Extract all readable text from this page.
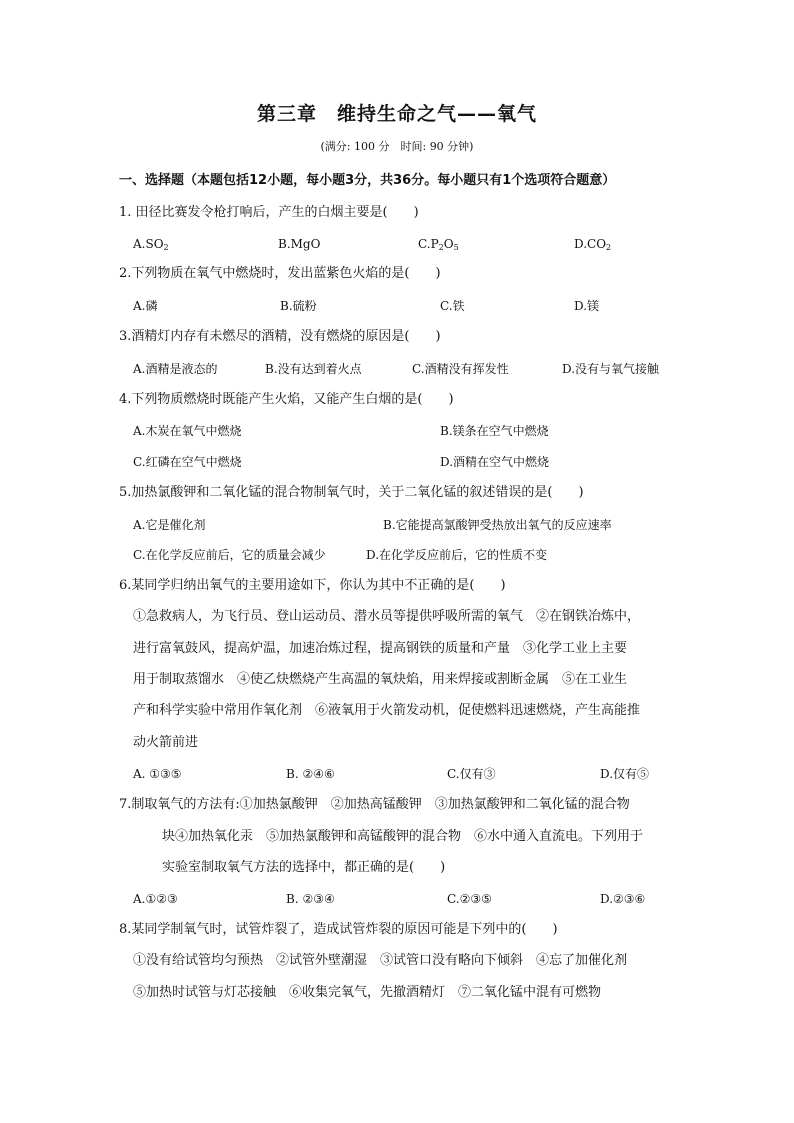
第三章　维持生命之气——氧气
(满分: 100 分　时间: 90 分钟)
一、选择题（本题包括12小题，每小题3分，共36分。每小题只有1个选项符合题意）
1. 田径比赛发令枪打响后，产生的白烟主要是(　　)
$A.SO_2$	B.MgO	$C.P_2O_5$	$D.CO_2$
2.下列物质在氧气中燃烧时，发出蓝紫色火焰的是(　　)
A.磷	B.硫粉	C.铁	D.镁
3.酒精灯内存有未燃尽的酒精，没有燃烧的原因是(　　)
A.酒精是液态的	B.没有达到着火点	C.酒精没有挥发性	D.没有与氧气接触
4.下列物质燃烧时既能产生火焰，又能产生白烟的是(　　)
A.木炭在氧气中燃烧	B.镁条在空气中燃烧
C.红磷在空气中燃烧	D.酒精在空气中燃烧
5.加热氯酸钾和二氧化锰的混合物制氧气时，关于二氧化锰的叙述错误的是(　　)
A.它是催化剂	B.它能提高氯酸钾受热放出氧气的反应速率
C.在化学反应前后，它的质量会减少	D.在化学反应前后，它的性质不变
6.某同学归纳出氧气的主要用途如下，你认为其中不正确的是(　　)
①急救病人，为飞行员、登山运动员、潜水员等提供呼吸所需的氧气　②在钢铁冶炼中，
进行富氧鼓风，提高炉温，加速冶炼过程，提高钢铁的质量和产量　③化学工业上主要
用于制取蒸馏水　④使乙炔燃烧产生高温的氧炔焰，用来焊接或割断金属　⑤在工业生
产和科学实验中常用作氧化剂　⑥液氧用于火箭发动机，促使燃料迅速燃烧，产生高能推
动火箭前进
A. ①③⑤	B. ②④⑥	C.仅有③	D.仅有⑤
7.制取氧气的方法有:①加热氯酸钾　②加热高锰酸钾　③加热氯酸钾和二氧化锰的混合物
块④加热氧化汞　⑤加热氯酸钾和高锰酸钾的混合物　⑥水中通入直流电。下列用于
实验室制取氧气方法的选择中，都正确的是(　　)
A.①②③	B. ②③④	C.②③⑤	D.②③⑥
8.某同学制氧气时，试管炸裂了，造成试管炸裂的原因可能是下列中的(　　)
①没有给试管均匀预热　②试管外壁潮湿　③试管口没有略向下倾斜　④忘了加催化剂
⑤加热时试管与灯芯接触　⑥收集完氧气，先撤酒精灯　⑦二氧化锰中混有可燃物
